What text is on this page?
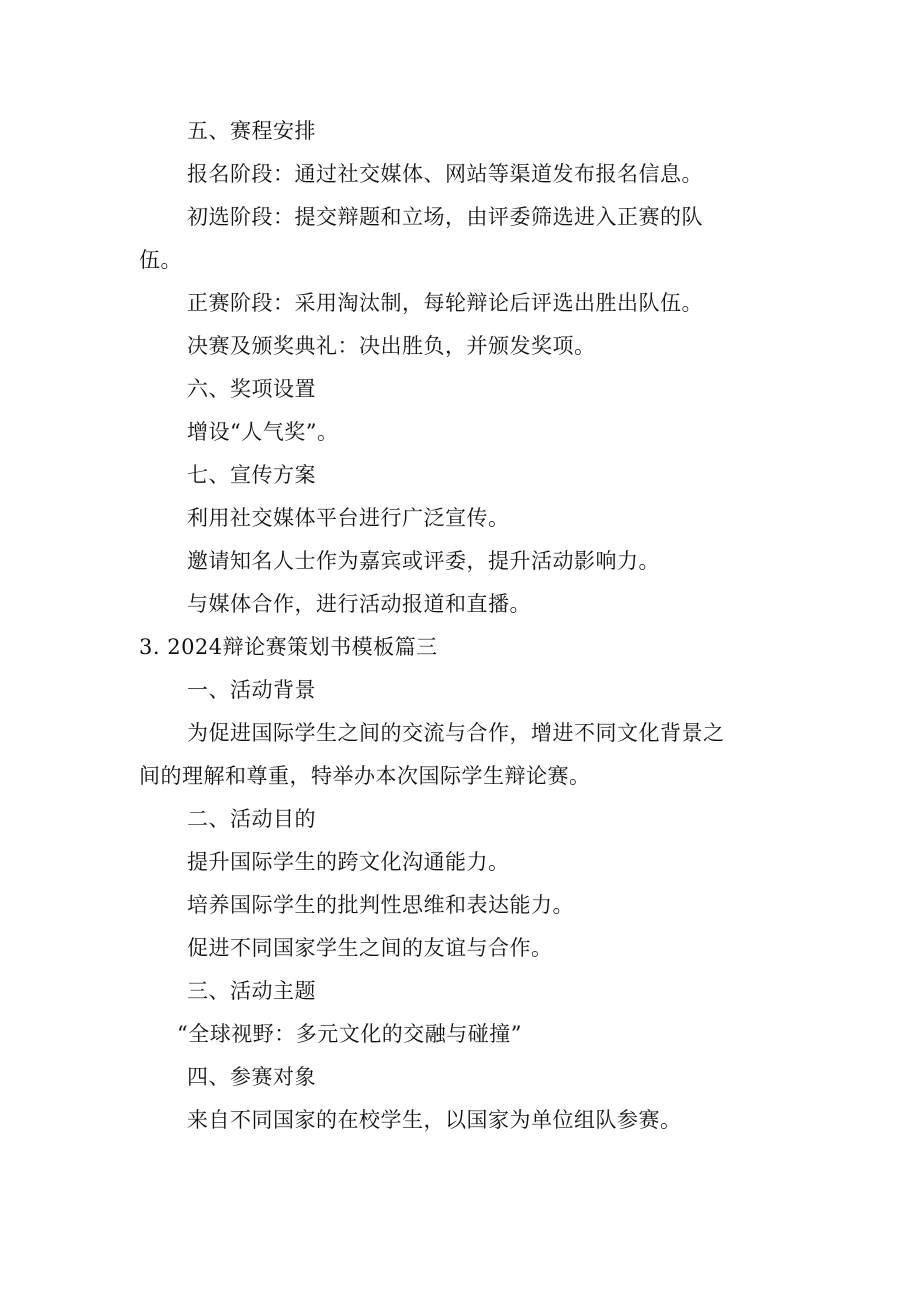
五、赛程安排
报名阶段：通过社交媒体、网站等渠道发布报名信息。
初选阶段：提交辩题和立场，由评委筛选进入正赛的队
伍。
正赛阶段：采用淘汰制，每轮辩论后评选出胜出队伍。
决赛及颁奖典礼：决出胜负，并颁发奖项。
六、奖项设置
增设“人气奖”。
七、宣传方案
利用社交媒体平台进行广泛宣传。
邀请知名人士作为嘉宾或评委，提升活动影响力。
与媒体合作，进行活动报道和直播。
3. 2024辩论赛策划书模板篇三
一、活动背景
为促进国际学生之间的交流与合作，增进不同文化背景之
间的理解和尊重，特举办本次国际学生辩论赛。
二、活动目的
提升国际学生的跨文化沟通能力。
培养国际学生的批判性思维和表达能力。
促进不同国家学生之间的友谊与合作。
三、活动主题
“全球视野：多元文化的交融与碰撞”
四、参赛对象
来自不同国家的在校学生，以国家为单位组队参赛。
